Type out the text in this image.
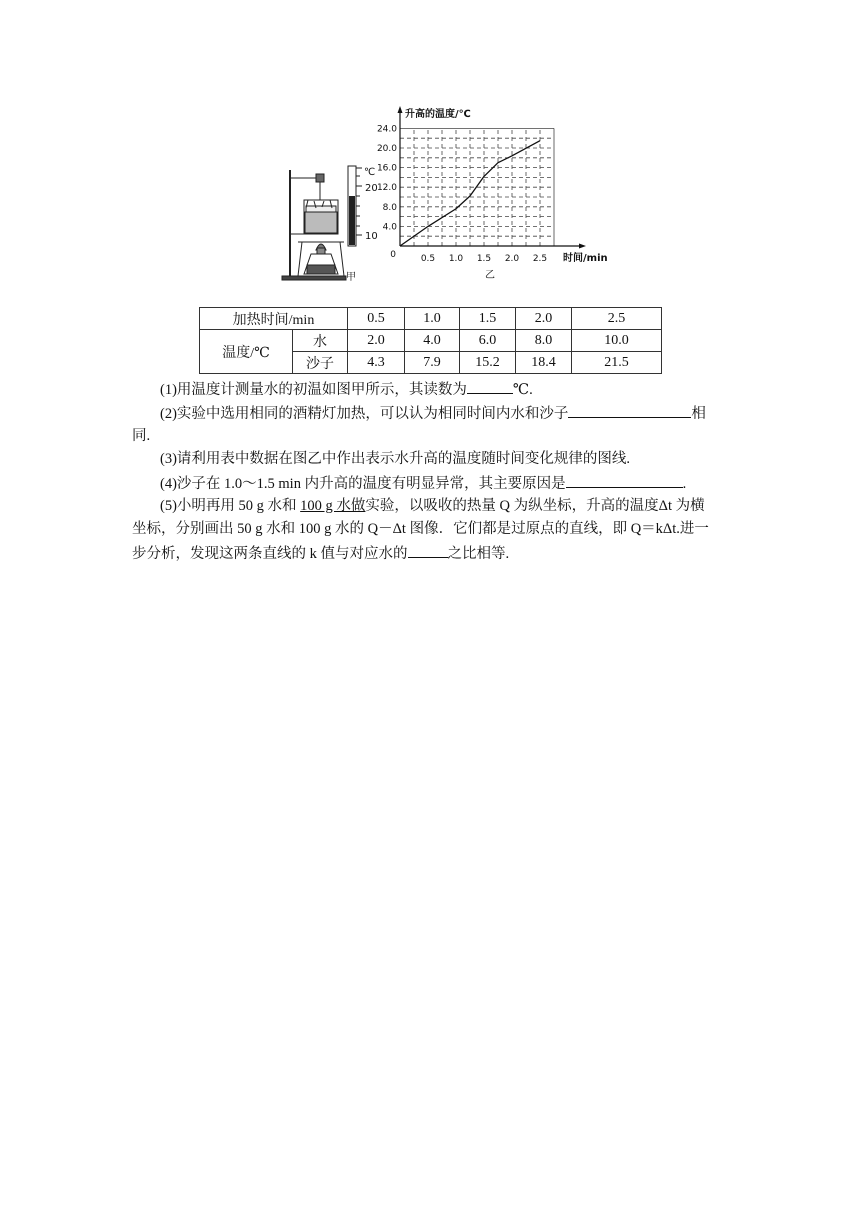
℃
20
10
甲
升高的温度/℃
时间/min
0	0.5 1.0 1.5 2.0 2.5
4.0
8.0
12.0
16.0
20.0
24.0
乙
加热时间/min		0.5	1.0	1.5	2.0	2.5
温度/℃	水	2.0	4.0	6.0	8.0	10.0
	沙子	4.3	7.9	15.2	18.4	21.5
(1)用温度计测量水的初温如图甲所示，其读数为	℃.
(2)实验中选用相同的酒精灯加热，可以认为相同时间内水和沙子	相
同.
(3)请利用表中数据在图乙中作出表示水升高的温度随时间变化规律的图线.
(4)沙子在 1.0～1.5 min 内升高的温度有明显异常，其主要原因是	.
(5)小明再用 50 g 水和 100 g 水做实验，以吸收的热量 Q 为纵坐标，升高的温度Δt 为横
坐标，分别画出 50 g 水和 100 g 水的 Q－Δt 图像．它们都是过原点的直线，即 Q＝kΔt.进一
步分析，发现这两条直线的 k 值与对应水的	之比相等.
